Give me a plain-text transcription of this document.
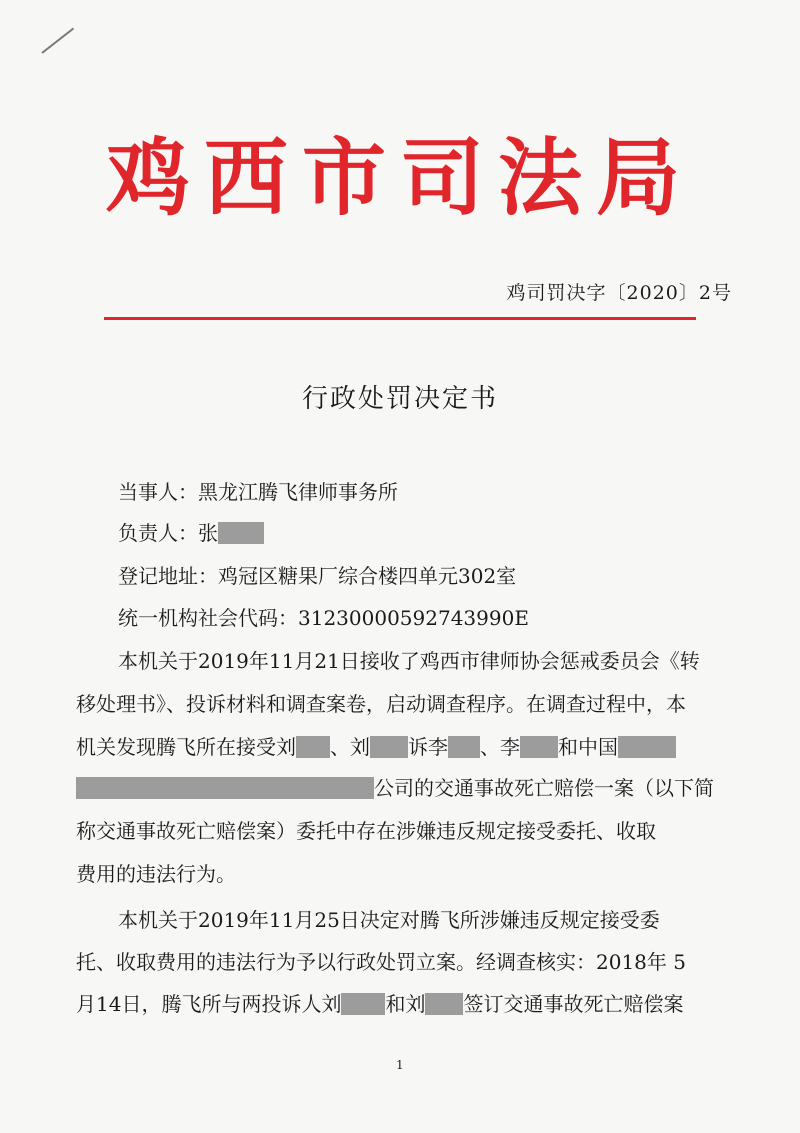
鸡西市司法局
鸡司罚决字〔2020〕2号
行政处罚决定书
当事人：黑龙江腾飞律师事务所
负责人：张
登记地址：鸡冠区糖果厂综合楼四单元302室
统一机构社会代码：31230000592743990E
本机关于2019年11月21日接收了鸡西市律师协会惩戒委员会《转
移处理书》、投诉材料和调查案卷，启动调查程序。在调查过程中，本
机关发现腾飞所在接受刘 、刘 诉李 、李 和中国
公司的交通事故死亡赔偿一案（以下简
称交通事故死亡赔偿案）委托中存在涉嫌违反规定接受委托、收取
费用的违法行为。
本机关于2019年11月25日决定对腾飞所涉嫌违反规定接受委
托、收取费用的违法行为予以行政处罚立案。经调查核实：2018年 5
月14日，腾飞所与两投诉人刘 和刘 签订交通事故死亡赔偿案
1
